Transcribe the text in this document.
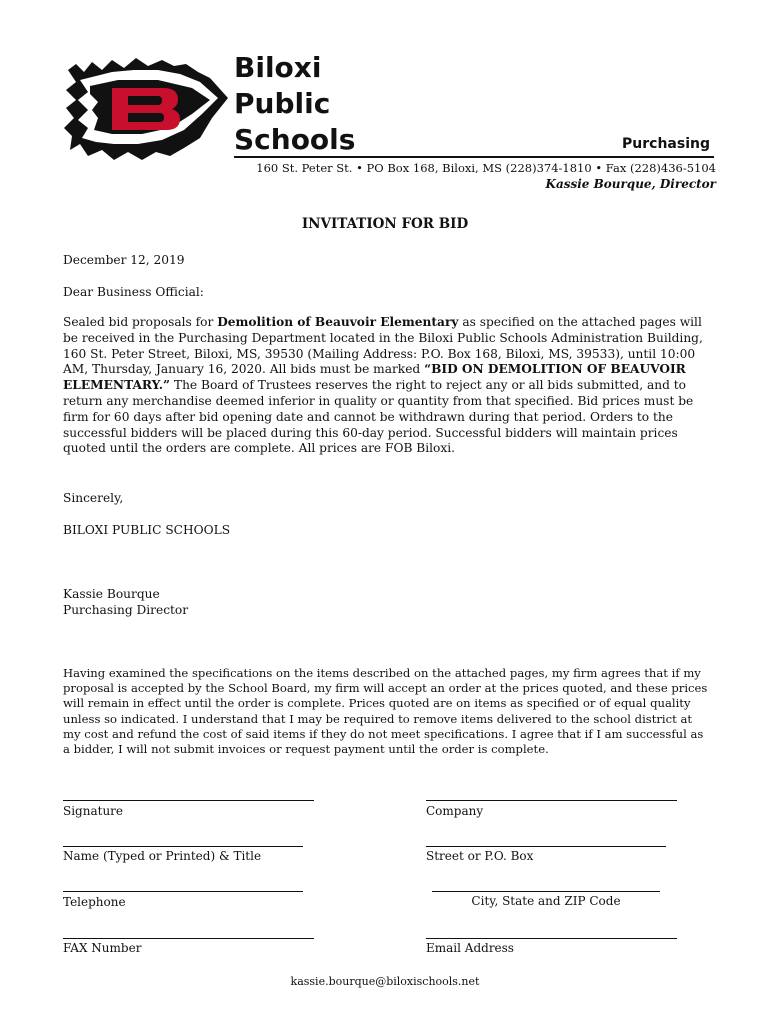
Biloxi
Public
Schools	Purchasing
160 St. Peter St. • PO Box 168, Biloxi, MS (228)374-1810 • Fax (228)436-5104
Kassie Bourque, Director
INVITATION FOR BID
December 12, 2019
Dear Business Official:
Sealed bid proposals for Demolition of Beauvoir Elementary as specified on the attached pages will be received in the Purchasing Department located in the Biloxi Public Schools Administration Building, 160 St. Peter Street, Biloxi, MS, 39530 (Mailing Address: P.O. Box 168, Biloxi, MS, 39533), until 10:00 AM, Thursday, January 16, 2020. All bids must be marked “BID ON DEMOLITION OF BEAUVOIR ELEMENTARY.” The Board of Trustees reserves the right to reject any or all bids submitted, and to return any merchandise deemed inferior in quality or quantity from that specified. Bid prices must be firm for 60 days after bid opening date and cannot be withdrawn during that period. Orders to the successful bidders will be placed during this 60-day period. Successful bidders will maintain prices quoted until the orders are complete. All prices are FOB Biloxi.
Sincerely,
BILOXI PUBLIC SCHOOLS
Kassie Bourque
Purchasing Director
Having examined the specifications on the items described on the attached pages, my firm agrees that if my proposal is accepted by the School Board, my firm will accept an order at the prices quoted, and these prices will remain in effect until the order is complete. Prices quoted are on items as specified or of equal quality unless so indicated. I understand that I may be required to remove items delivered to the school district at my cost and refund the cost of said items if they do not meet specifications. I agree that if I am successful as a bidder, I will not submit invoices or request payment until the order is complete.
Signature	Company
Name (Typed or Printed) & Title	Street or P.O. Box
Telephone	City, State and ZIP Code
FAX Number	Email Address
kassie.bourque@biloxischools.net
